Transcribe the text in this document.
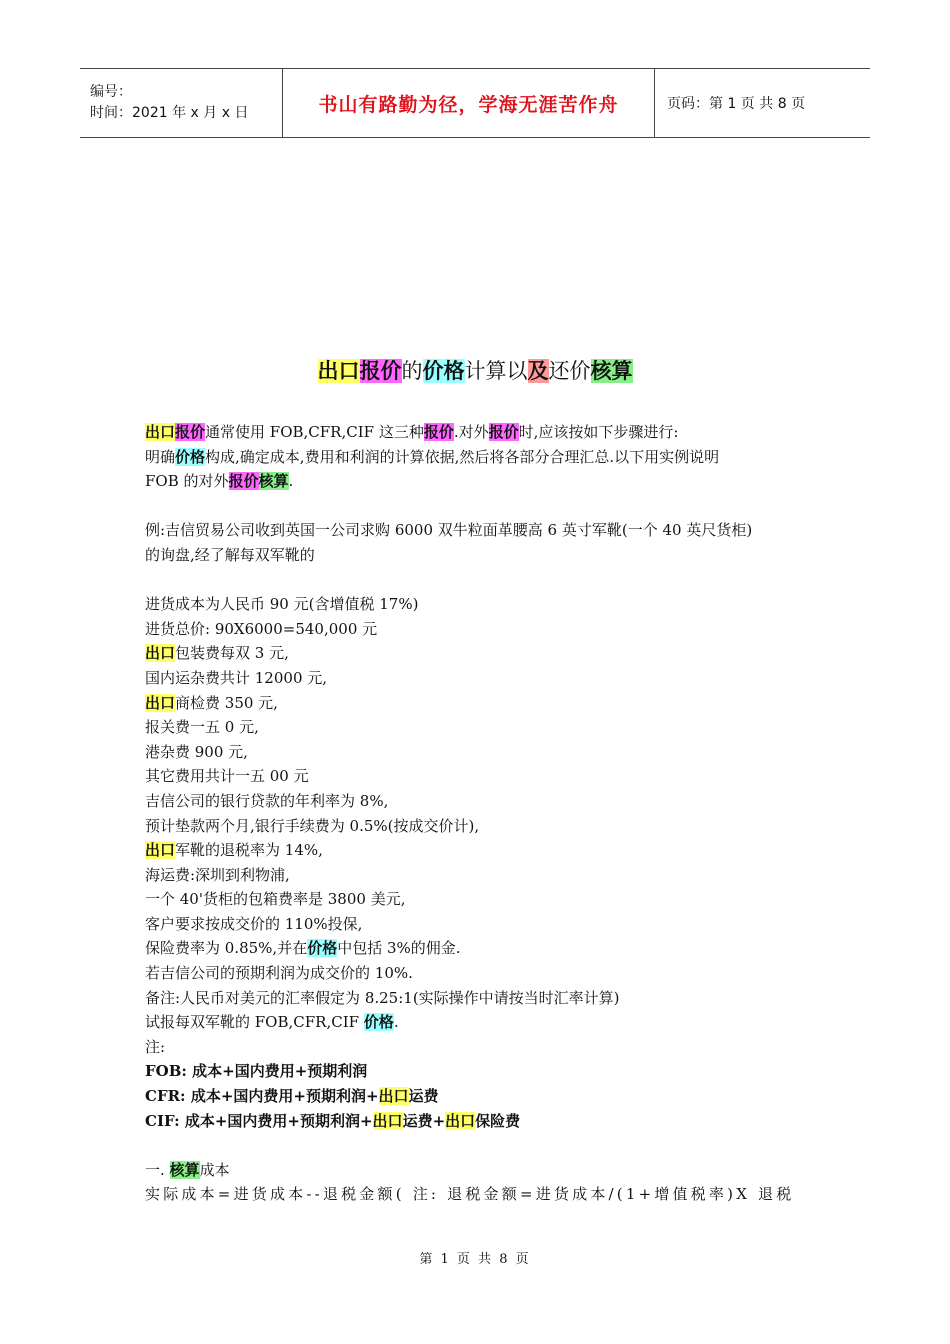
编号：
时间：2021 年 x 月 x 日	书山有路勤为径，学海无涯苦作舟	页码：第 1 页 共 8 页
出口报价的价格计算以及还价核算

出口报价通常使用 FOB,CFR,CIF 这三种报价.对外报价时,应该按如下步骤进行:

明确价格构成,确定成本,费用和利润的计算依据,然后将各部分合理汇总.以下用实例说明

FOB 的对外报价核算.

例:吉信贸易公司收到英国一公司求购 6000 双牛粒面革腰高 6 英寸军靴(一个 40 英尺货柜)

的询盘,经了解每双军靴的

进货成本为人民币 90 元(含增值税 17%)

进货总价: 90X6000=540,000 元

出口包装费每双 3 元,

国内运杂费共计 12000 元,

出口商检费 350 元,

报关费一五 0 元,

港杂费 900 元,

其它费用共计一五 00 元

吉信公司的银行贷款的年利率为 8%,

预计垫款两个月,银行手续费为 0.5%(按成交价计),

出口军靴的退税率为 14%,

海运费:深圳到利物浦,

一个 40'货柜的包箱费率是 3800 美元,

客户要求按成交价的 110%投保,

保险费率为 0.85%,并在价格中包括 3%的佣金.

若吉信公司的预期利润为成交价的 10%.

备注:人民币对美元的汇率假定为 8.25:1(实际操作中请按当时汇率计算)

试报每双军靴的 FOB,CFR,CIF 价格.

注:

FOB: 成本+国内费用+预期利润

CFR: 成本+国内费用+预期利润+出口运费

CIF: 成本+国内费用+预期利润+出口运费+出口保险费

一. 核算成本

实际成本=进货成本--退税金额( 注: 退税金额=进货成本/(1+增值税率)X 退税

第 1 页 共 8 页
